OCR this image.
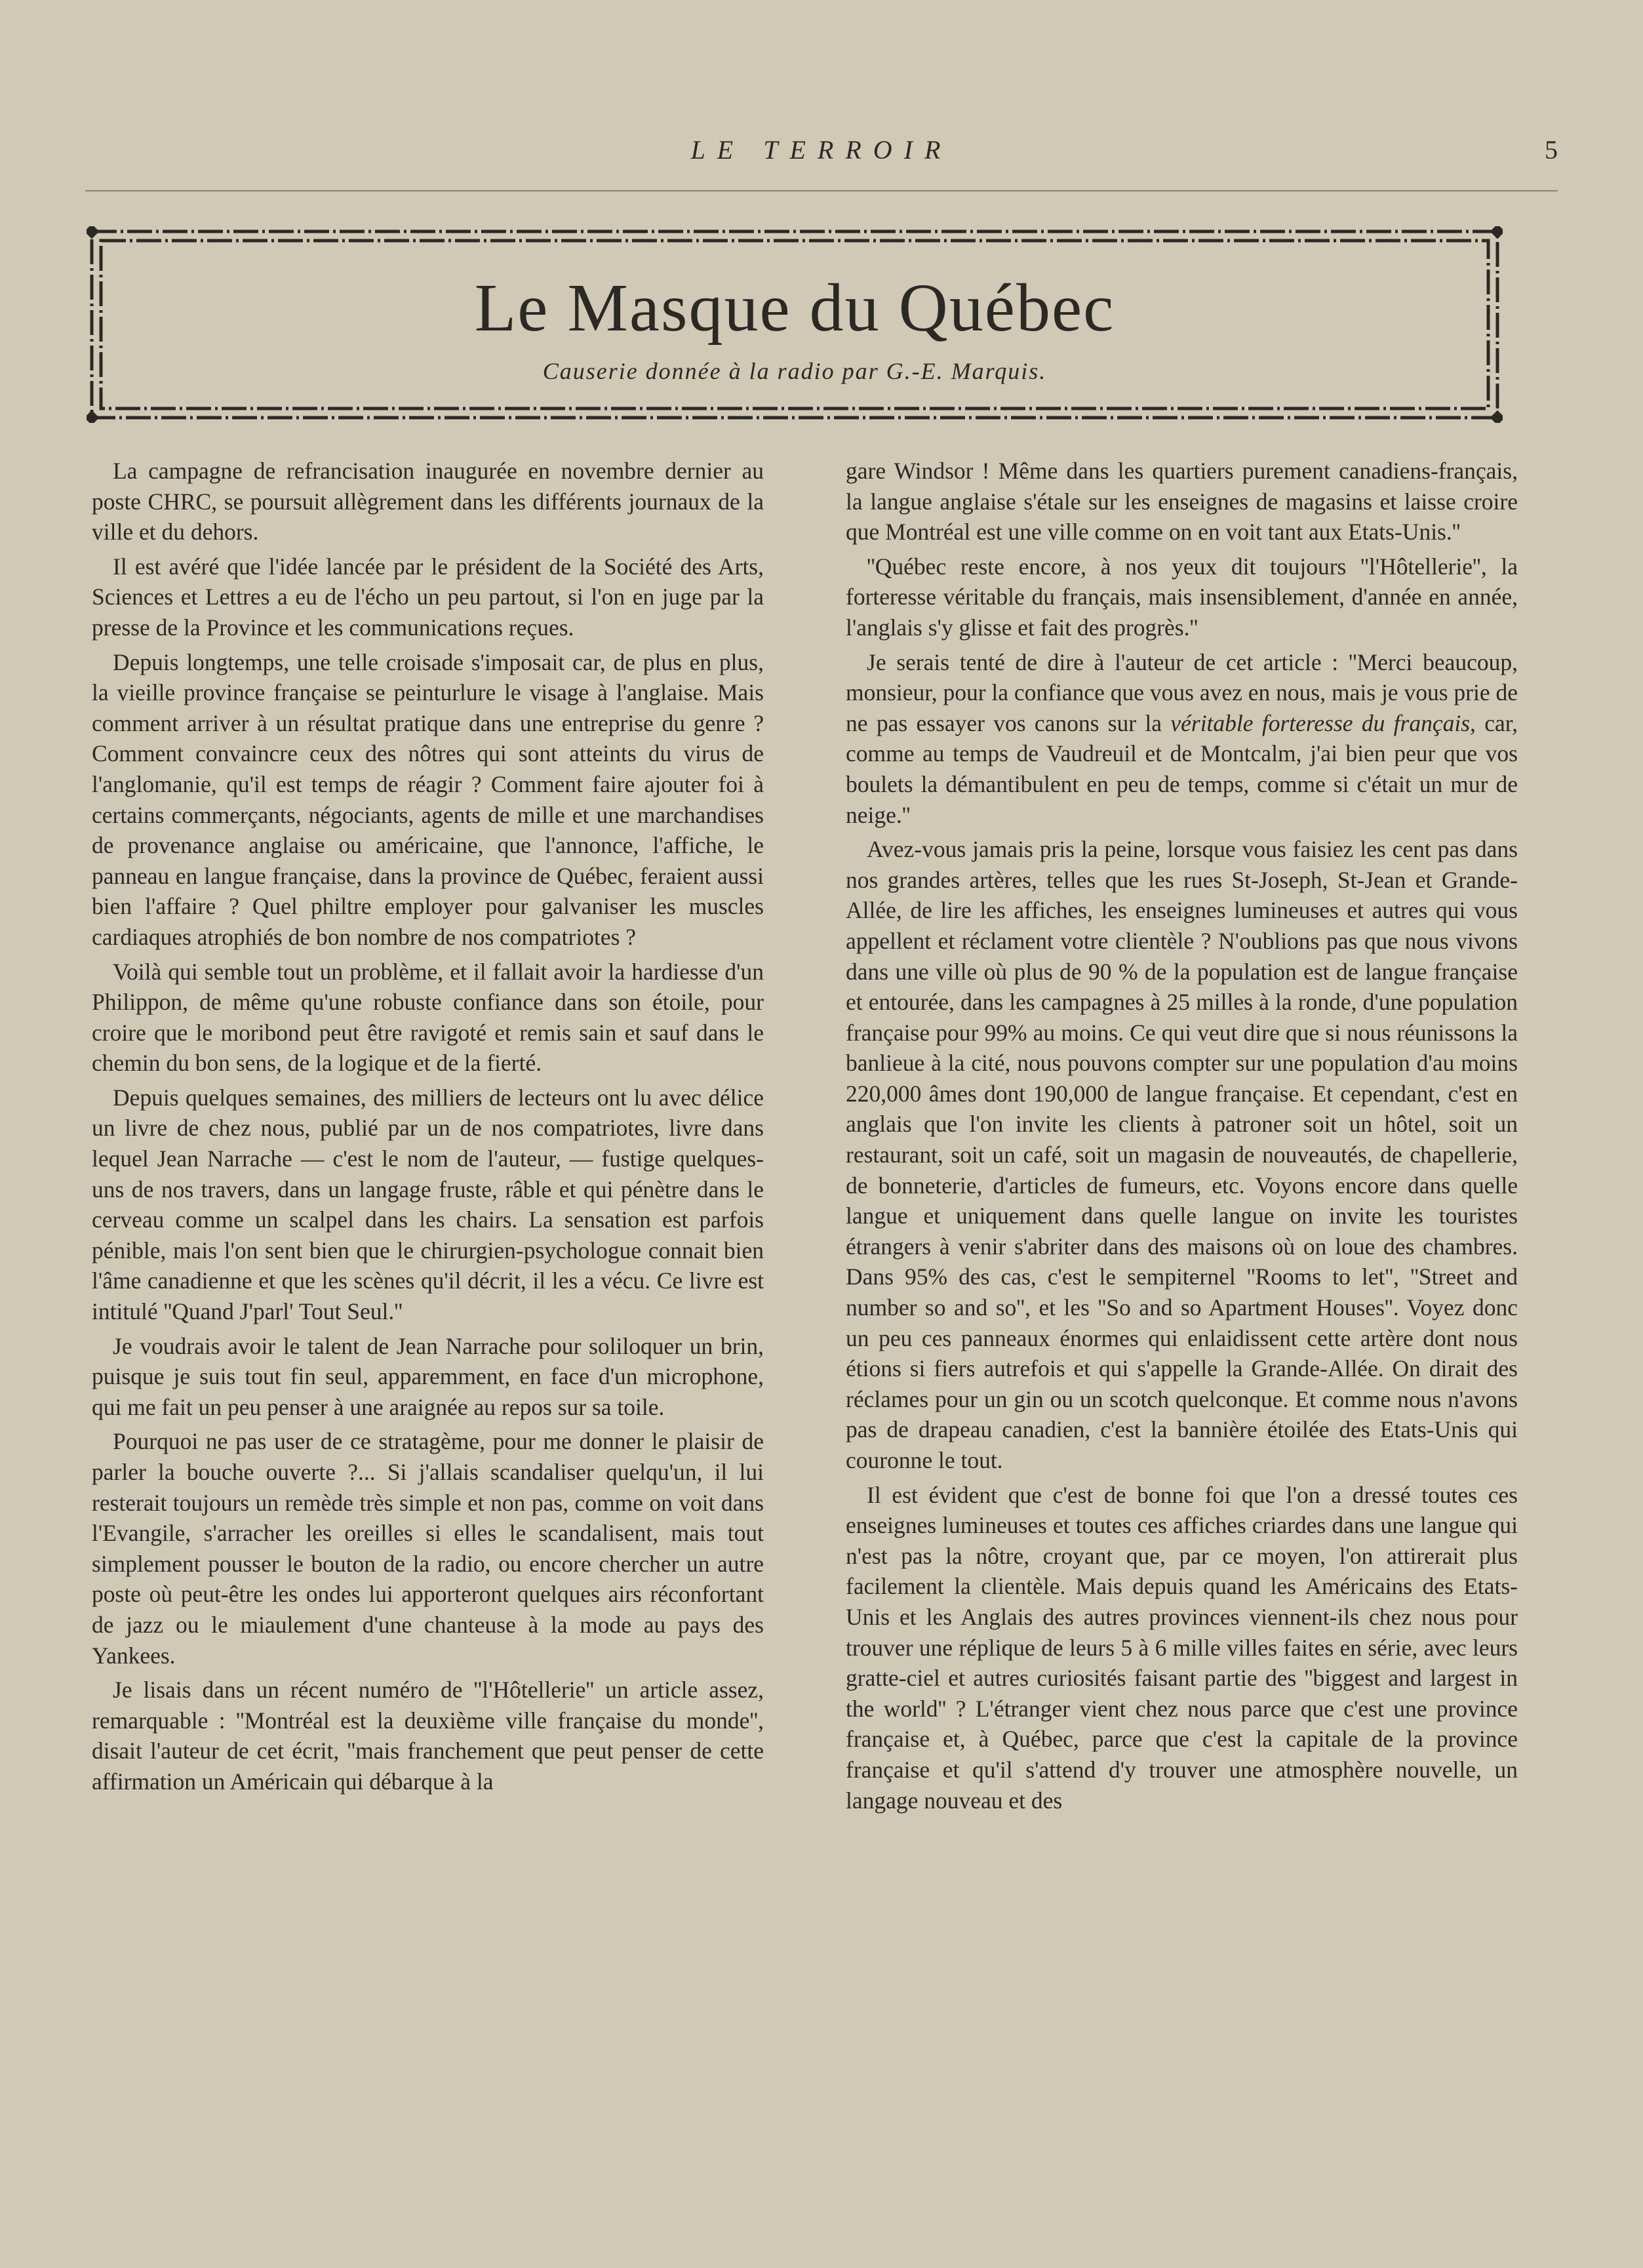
LE TERROIR	5
Le Masque du Québec
Causerie donnée à la radio par G.-E. Marquis.

La campagne de refrancisation inaugurée en novembre dernier au poste CHRC, se poursuit allègrement dans les différents journaux de la ville et du dehors.

Il est avéré que l'idée lancée par le président de la Société des Arts, Sciences et Lettres a eu de l'écho un peu partout, si l'on en juge par la presse de la Province et les communications reçues.

Depuis longtemps, une telle croisade s'imposait car, de plus en plus, la vieille province française se peinturlure le visage à l'anglaise. Mais comment arriver à un résultat pratique dans une entreprise du genre ? Comment convaincre ceux des nôtres qui sont atteints du virus de l'anglomanie, qu'il est temps de réagir ? Comment faire ajouter foi à certains commerçants, négociants, agents de mille et une marchandises de provenance anglaise ou américaine, que l'annonce, l'affiche, le panneau en langue française, dans la province de Québec, feraient aussi bien l'affaire ? Quel philtre employer pour galvaniser les muscles cardiaques atrophiés de bon nombre de nos compatriotes ?

Voilà qui semble tout un problème, et il fallait avoir la hardiesse d'un Philippon, de même qu'une robuste confiance dans son étoile, pour croire que le moribond peut être ravigoté et remis sain et sauf dans le chemin du bon sens, de la logique et de la fierté.

Depuis quelques semaines, des milliers de lecteurs ont lu avec délice un livre de chez nous, publié par un de nos compatriotes, livre dans lequel Jean Narrache — c'est le nom de l'auteur, — fustige quelques-uns de nos travers, dans un langage fruste, râble et qui pénètre dans le cerveau comme un scalpel dans les chairs. La sensation est parfois pénible, mais l'on sent bien que le chirurgien-psychologue connait bien l'âme canadienne et que les scènes qu'il décrit, il les a vécu. Ce livre est intitulé ''Quand J'parl' Tout Seul.''

Je voudrais avoir le talent de Jean Narrache pour soliloquer un brin, puisque je suis tout fin seul, apparemment, en face d'un microphone, qui me fait un peu penser à une araignée au repos sur sa toile.

Pourquoi ne pas user de ce stratagème, pour me donner le plaisir de parler la bouche ouverte ?... Si j'allais scandaliser quelqu'un, il lui resterait toujours un remède très simple et non pas, comme on voit dans l'Evangile, s'arracher les oreilles si elles le scandalisent, mais tout simplement pousser le bouton de la radio, ou encore chercher un autre poste où peut-être les ondes lui apporteront quelques airs réconfortant de jazz ou le miaulement d'une chanteuse à la mode au pays des Yankees.

Je lisais dans un récent numéro de ''l'Hôtellerie'' un article assez, remarquable : ''Montréal est la deuxième ville française du monde'', disait l'auteur de cet écrit, ''mais franchement que peut penser de cette affirmation un Américain qui débarque à la

gare Windsor ! Même dans les quartiers purement canadiens-français, la langue anglaise s'étale sur les enseignes de magasins et laisse croire que Montréal est une ville comme on en voit tant aux Etats-Unis.''

''Québec reste encore, à nos yeux dit toujours ''l'Hôtellerie'', la forteresse véritable du français, mais insensiblement, d'année en année, l'anglais s'y glisse et fait des progrès.''

Je serais tenté de dire à l'auteur de cet article : ''Merci beaucoup, monsieur, pour la confiance que vous avez en nous, mais je vous prie de ne pas essayer vos canons sur la véritable forteresse du français, car, comme au temps de Vaudreuil et de Montcalm, j'ai bien peur que vos boulets la démantibulent en peu de temps, comme si c'était un mur de neige.''

Avez-vous jamais pris la peine, lorsque vous faisiez les cent pas dans nos grandes artères, telles que les rues St-Joseph, St-Jean et Grande-Allée, de lire les affiches, les enseignes lumineuses et autres qui vous appellent et réclament votre clientèle ? N'oublions pas que nous vivons dans une ville où plus de 90 % de la population est de langue française et entourée, dans les campagnes à 25 milles à la ronde, d'une population française pour 99% au moins. Ce qui veut dire que si nous réunissons la banlieue à la cité, nous pouvons compter sur une population d'au moins 220,000 âmes dont 190,000 de langue française. Et cependant, c'est en anglais que l'on invite les clients à patroner soit un hôtel, soit un restaurant, soit un café, soit un magasin de nouveautés, de chapellerie, de bonneterie, d'articles de fumeurs, etc. Voyons encore dans quelle langue et uniquement dans quelle langue on invite les touristes étrangers à venir s'abriter dans des maisons où on loue des chambres. Dans 95% des cas, c'est le sempiternel ''Rooms to let'', ''Street and number so and so'', et les ''So and so Apartment Houses''. Voyez donc un peu ces panneaux énormes qui enlaidissent cette artère dont nous étions si fiers autrefois et qui s'appelle la Grande-Allée. On dirait des réclames pour un gin ou un scotch quelconque. Et comme nous n'avons pas de drapeau canadien, c'est la bannière étoilée des Etats-Unis qui couronne le tout.

Il est évident que c'est de bonne foi que l'on a dressé toutes ces enseignes lumineuses et toutes ces affiches criardes dans une langue qui n'est pas la nôtre, croyant que, par ce moyen, l'on attirerait plus facilement la clientèle. Mais depuis quand les Américains des Etats-Unis et les Anglais des autres provinces viennent-ils chez nous pour trouver une réplique de leurs 5 à 6 mille villes faites en série, avec leurs gratte-ciel et autres curiosités faisant partie des ''biggest and largest in the world'' ? L'étranger vient chez nous parce que c'est une province française et, à Québec, parce que c'est la capitale de la province française et qu'il s'attend d'y trouver une atmosphère nouvelle, un langage nouveau et des
